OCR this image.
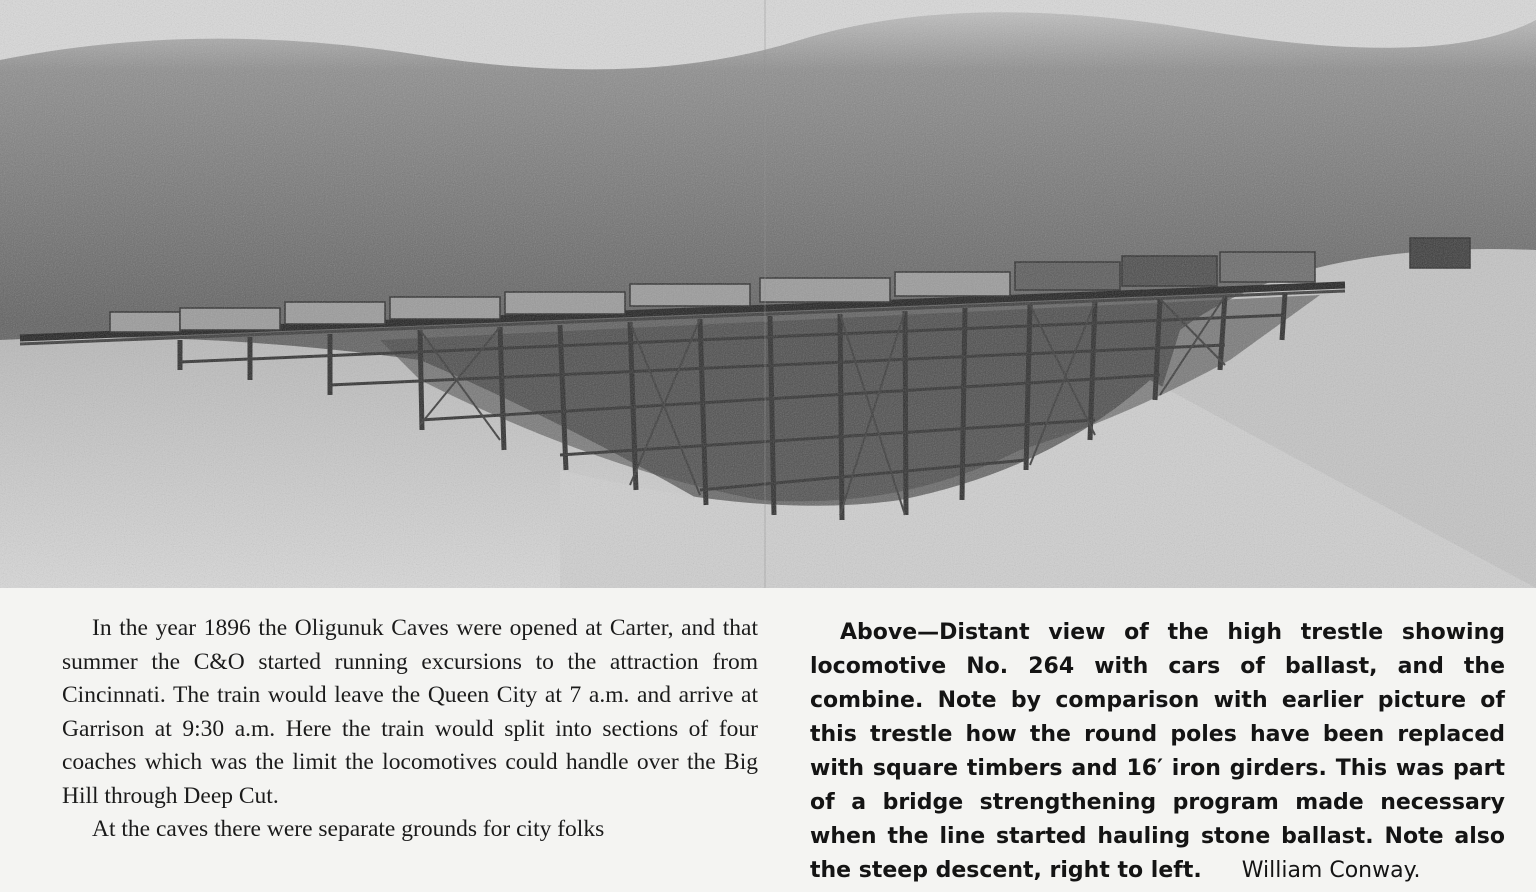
In the year 1896 the Oligunuk Caves were opened at Carter, and that summer the C&O started running excursions to the attraction from Cincinnati. The train would leave the Queen City at 7 a.m. and arrive at Garrison at 9:30 a.m. Here the train would split into sections of four coaches which was the limit the locomotives could handle over the Big Hill through Deep Cut.

At the caves there were separate grounds for city folks

Above—Distant view of the high trestle showing locomotive No. 264 with cars of ballast, and the combine. Note by comparison with earlier picture of this trestle how the round poles have been replaced with square timbers and 16′ iron girders. This was part of a bridge strengthening program made necessary when the line started hauling stone ballast. Note also the steep descent, right to left. William Conway.
